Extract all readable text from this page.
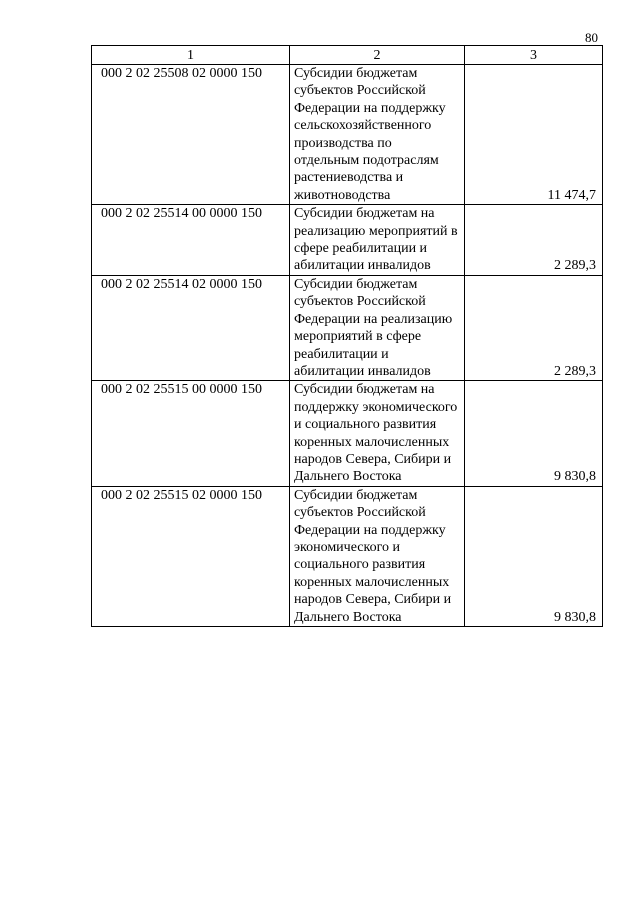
80
1	2	3
000 2 02 25508 02 0000 150	Субсидии бюджетам субъектов Российской Федерации на поддержку сельскохозяйственного производства по отдельным подотраслям растениеводства и животноводства	11 474,7
000 2 02 25514 00 0000 150	Субсидии бюджетам на реализацию мероприятий в сфере реабилитации и абилитации инвалидов	2 289,3
000 2 02 25514 02 0000 150	Субсидии бюджетам субъектов Российской Федерации на реализацию мероприятий в сфере реабилитации и абилитации инвалидов	2 289,3
000 2 02 25515 00 0000 150	Субсидии бюджетам на поддержку экономического и социального развития коренных малочисленных народов Севера, Сибири и Дальнего Востока	9 830,8
000 2 02 25515 02 0000 150	Субсидии бюджетам субъектов Российской Федерации на поддержку экономического и социального развития коренных малочисленных народов Севера, Сибири и Дальнего Востока	9 830,8
